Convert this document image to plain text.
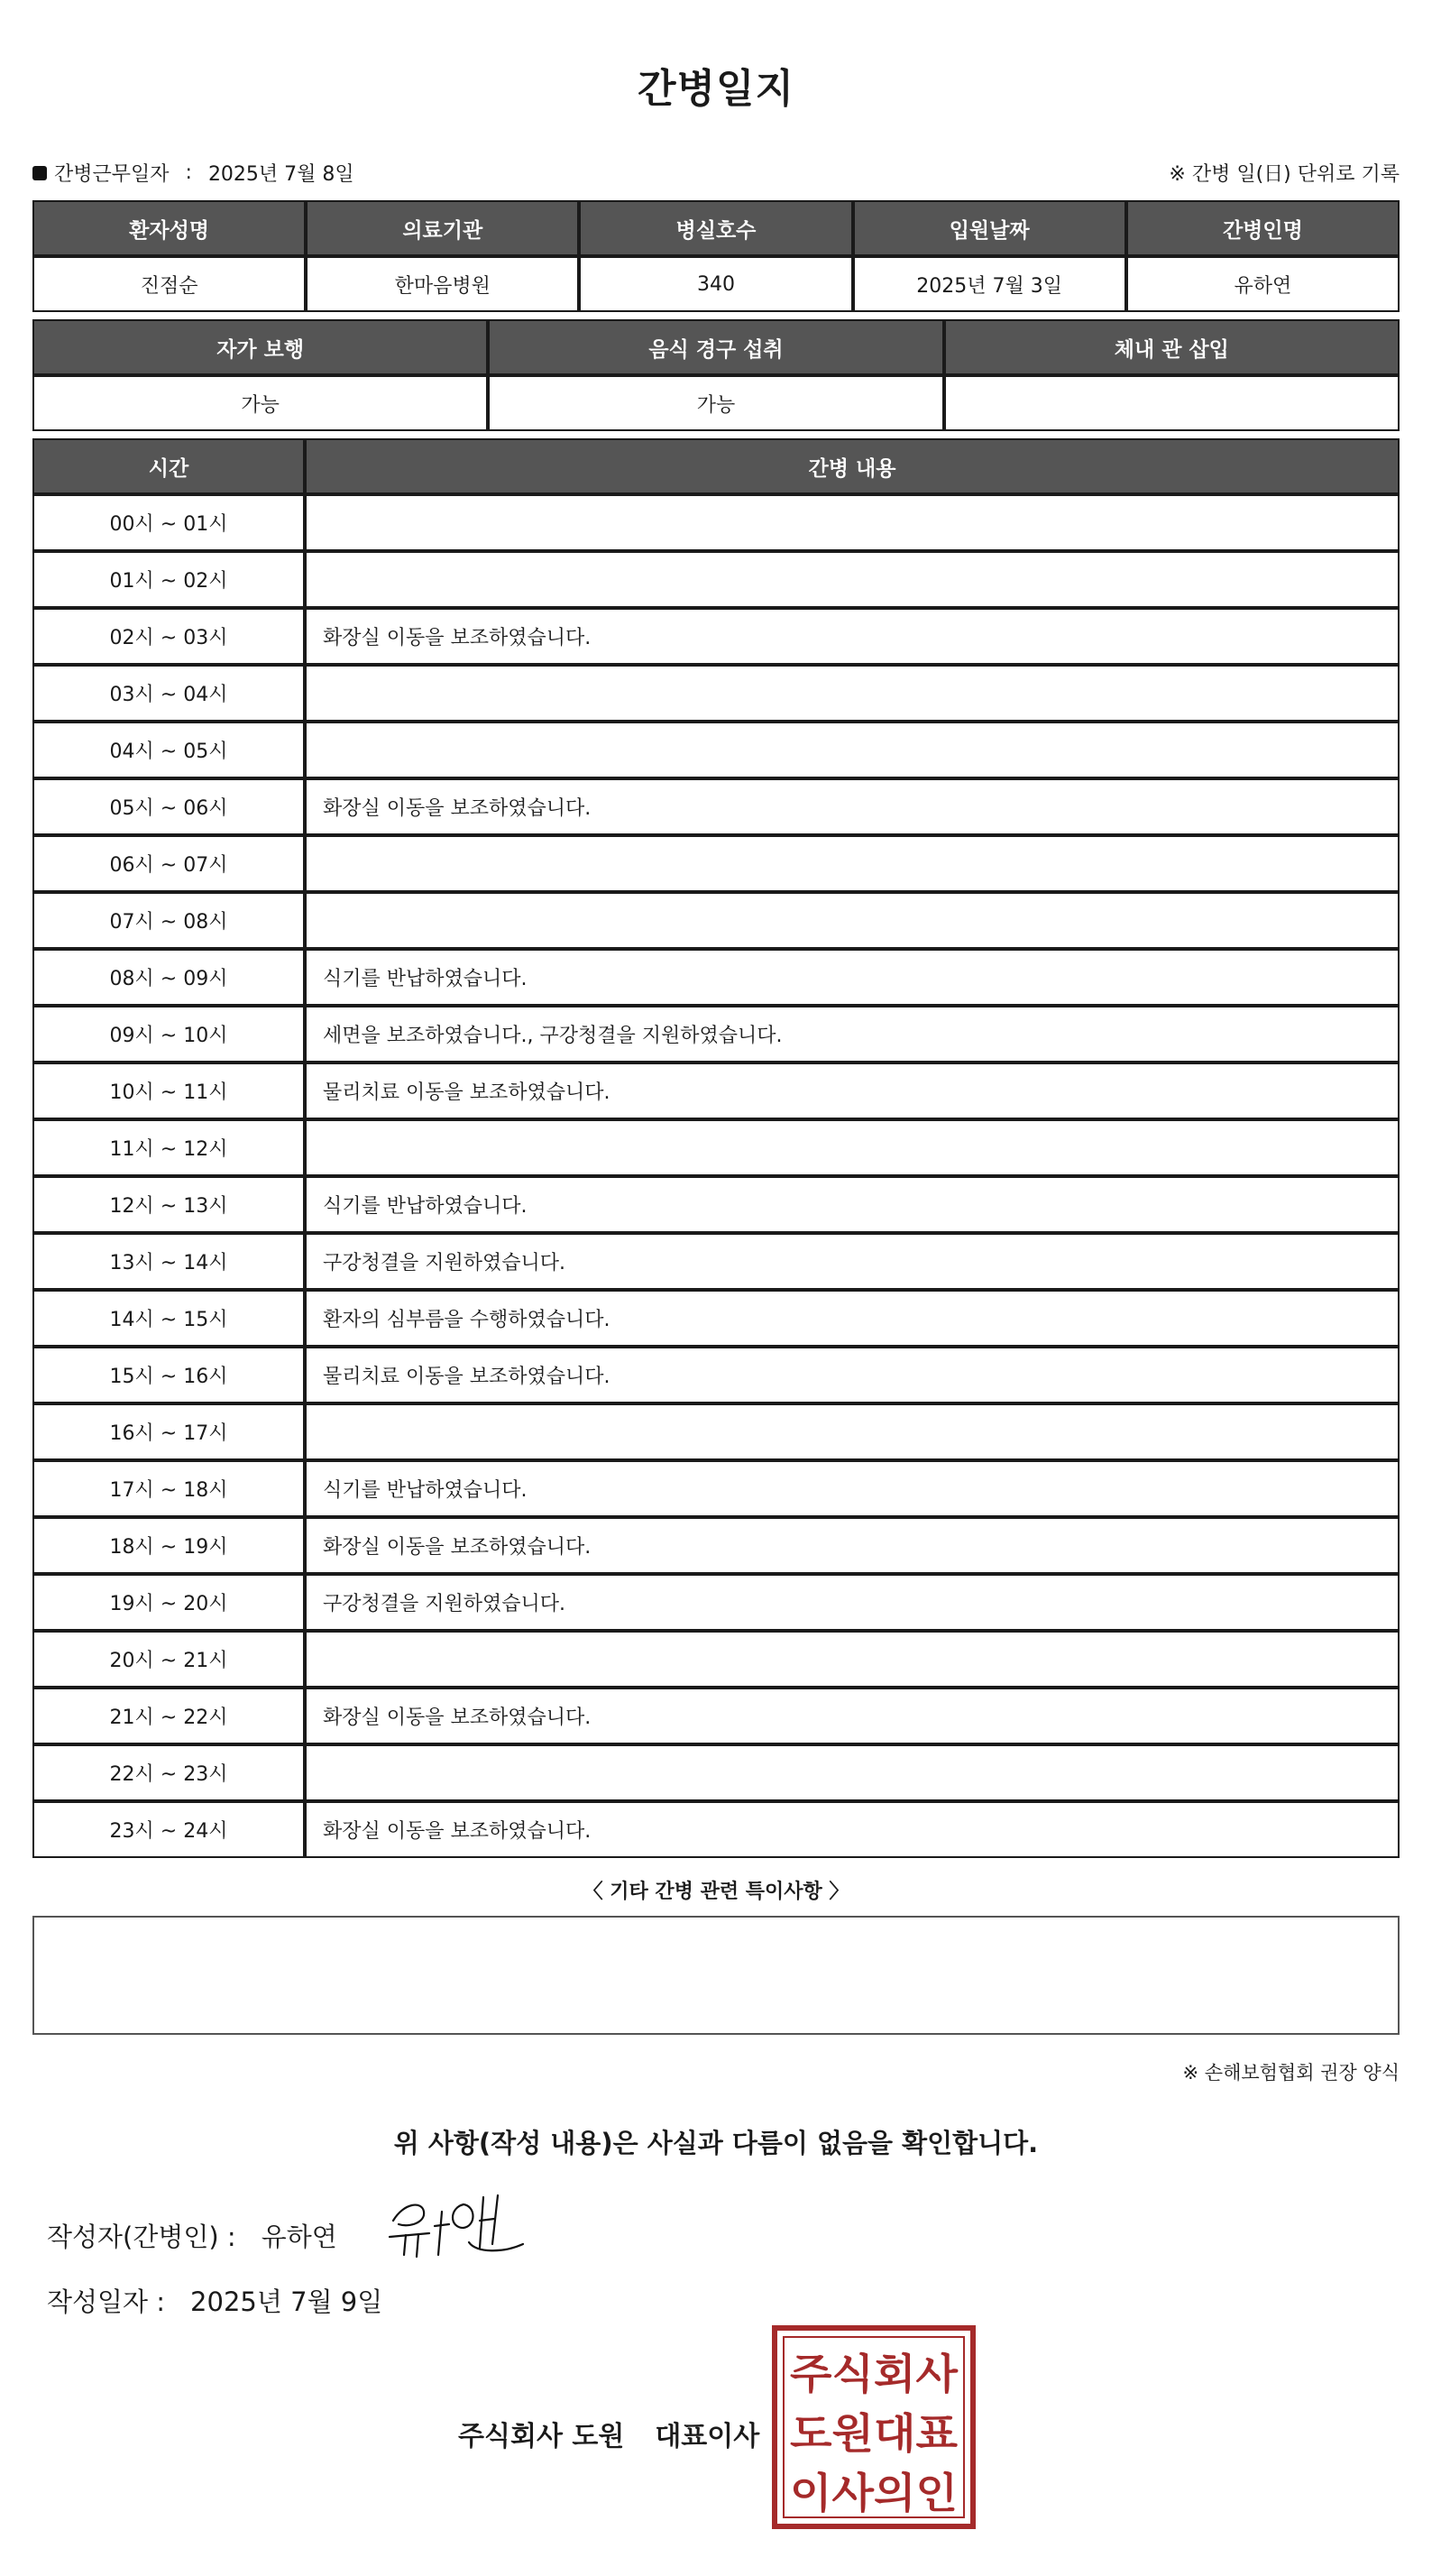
간병일지
간병근무일자 : 2025년 7월 8일	※ 간병 일(日) 단위로 기록
환자성명	의료기관	병실호수	입원날짜	간병인명
진점순	한마음병원	340	2025년 7월 3일	유하연
자가 보행	음식 경구 섭취	체내 관 삽입
가능	가능	
시간	간병 내용
00시 ~ 01시	
01시 ~ 02시	
02시 ~ 03시	화장실 이동을 보조하였습니다.
03시 ~ 04시	
04시 ~ 05시	
05시 ~ 06시	화장실 이동을 보조하였습니다.
06시 ~ 07시	
07시 ~ 08시	
08시 ~ 09시	식기를 반납하였습니다.
09시 ~ 10시	세면을 보조하였습니다., 구강청결을 지원하였습니다.
10시 ~ 11시	물리치료 이동을 보조하였습니다.
11시 ~ 12시	
12시 ~ 13시	식기를 반납하였습니다.
13시 ~ 14시	구강청결을 지원하였습니다.
14시 ~ 15시	환자의 심부름을 수행하였습니다.
15시 ~ 16시	물리치료 이동을 보조하였습니다.
16시 ~ 17시	
17시 ~ 18시	식기를 반납하였습니다.
18시 ~ 19시	화장실 이동을 보조하였습니다.
19시 ~ 20시	구강청결을 지원하였습니다.
20시 ~ 21시	
21시 ~ 22시	화장실 이동을 보조하였습니다.
22시 ~ 23시	
23시 ~ 24시	화장실 이동을 보조하였습니다.
〈 기타 간병 관련 특이사항 〉
※ 손해보험협회 권장 양식
위 사항(작성 내용)은 사실과 다름이 없음을 확인합니다.
작성자(간병인) : 유하연
작성일자 : 2025년 7월 9일
주식회사 도원 대표이사
주식회사
도원대표
이사의인
